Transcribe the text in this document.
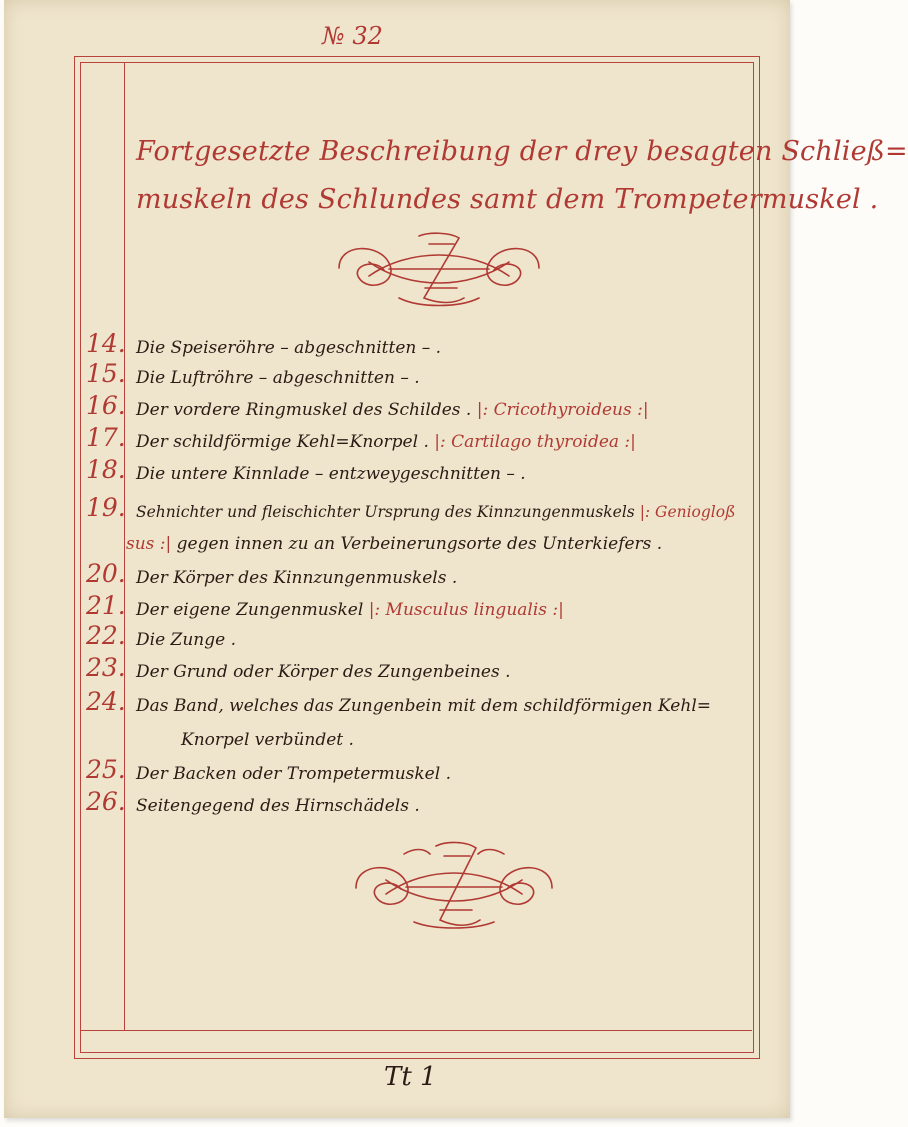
№ 32
Fortgesetzte Beschreibung der drey besagten Schließ=
muskeln des Schlundes samt dem Trompetermuskel .
14. Die Speiseröhre – abgeschnitten – .
15. Die Luftröhre – abgeschnitten – .
16. Der vordere Ringmuskel des Schildes . |: Cricothyroideus :|
17. Der schildförmige Kehl=Knorpel . |: Cartilago thyroidea :|
18. Die untere Kinnlade – entzweygeschnitten – .
19. Sehnichter und fleischichter Ursprung des Kinnzungenmuskels |: Geniogloß
sus :| gegen innen zu an Verbeinerungsorte des Unterkiefers .
20. Der Körper des Kinnzungenmuskels .
21. Der eigene Zungenmuskel |: Musculus lingualis :|
22. Die Zunge .
23. Der Grund oder Körper des Zungenbeines .
24. Das Band, welches das Zungenbein mit dem schildförmigen Kehl=
Knorpel verbündet .
25. Der Backen oder Trompetermuskel .
26. Seitengegend des Hirnschädels .
Tt 1
